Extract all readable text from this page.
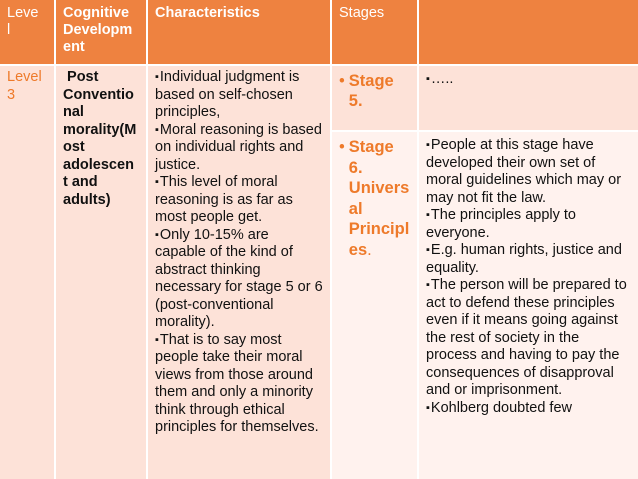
Leve
l
Cognitive
Developm
ent
Characteristics	Stages
Level
3
Post
Conventio
nal
morality(M
ost
adolescen
t and
adults)

▪ Individual judgment is based on self-chosen principles,

▪ Moral reasoning is based on individual rights and justice.

▪ This level of moral reasoning is as far as most people get.

▪ Only 10-15% are capable of the kind of abstract thinking necessary for stage 5 or 6 (post-conventional morality).

▪ That is to say most people take their moral views from those around them and only a minority think through ethical principles for themselves.

•
Stage
5.

▪ …..

•
Stage
6.
Univers
al
Principl
es.

▪ People at this stage have developed their own set of moral guidelines which may or may not fit the law.

▪ The principles apply to everyone.

▪ E.g. human rights, justice and equality.

▪ The person will be prepared to act to defend these principles even if it means going against the rest of society in the process and having to pay the consequences of disapproval and or imprisonment.

▪ Kohlberg doubted few
